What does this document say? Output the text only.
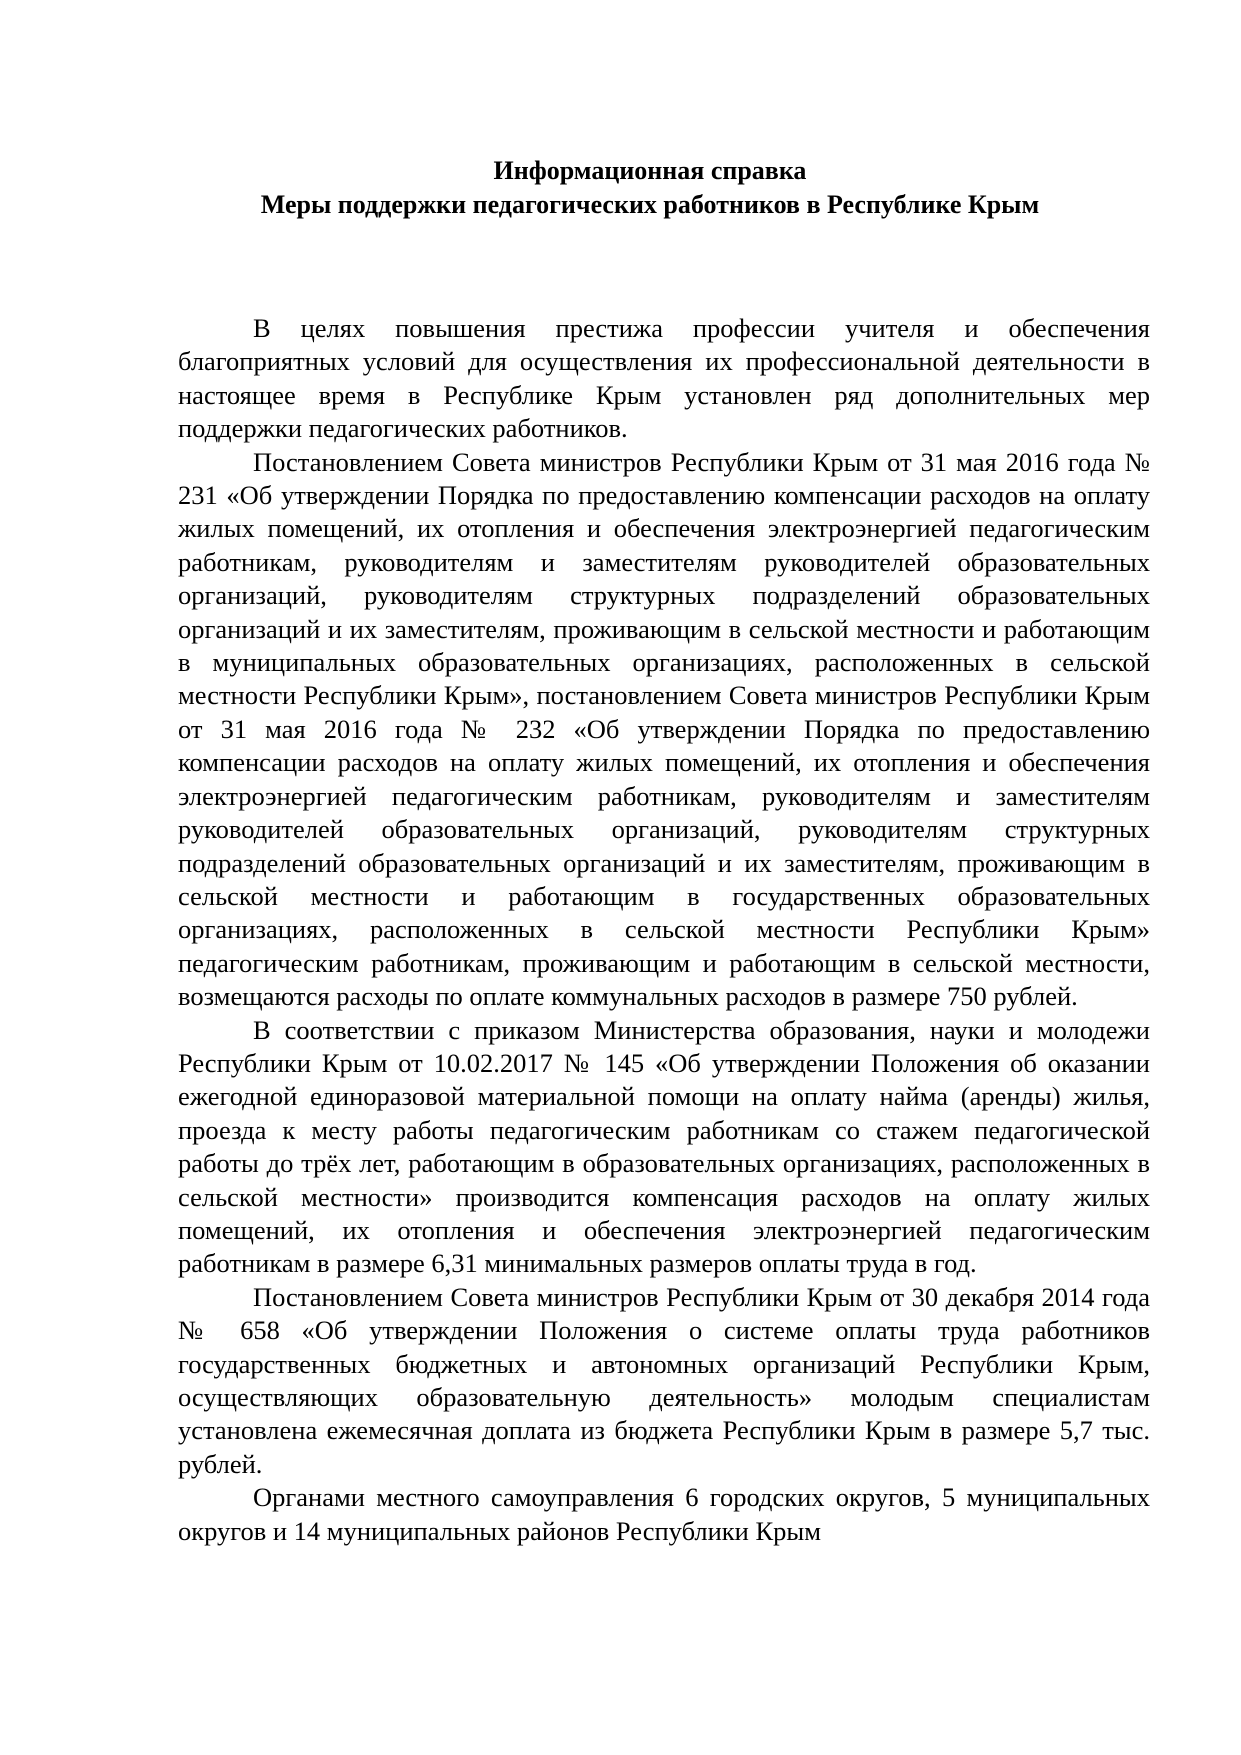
Информационная справка
Меры поддержки педагогических работников в Республике Крым

В целях повышения престижа профессии учителя и обеспечения благоприятных условий для осуществления их профессиональной деятельности в настоящее время в Республике Крым установлен ряд дополнительных мер поддержки педагогических работников.

Постановлением Совета министров Республики Крым от 31 мая 2016 года № 231 «Об утверждении Порядка по предоставлению компенсации расходов на оплату жилых помещений, их отопления и обеспечения электроэнергией педагогическим работникам, руководителям и заместителям руководителей образовательных организаций, руководителям структурных подразделений образовательных организаций и их заместителям, проживающим в сельской местности и работающим в муниципальных образовательных организациях, расположенных в сельской местности Республики Крым», постановлением Совета министров Республики Крым от 31 мая 2016 года № 232 «Об утверждении Порядка по предоставлению компенсации расходов на оплату жилых помещений, их отопления и обеспечения электроэнергией педагогическим работникам, руководителям и заместителям руководителей образовательных организаций, руководителям структурных подразделений образовательных организаций и их заместителям, проживающим в сельской местности и работающим в государственных образовательных организациях, расположенных в сельской местности Республики Крым» педагогическим работникам, проживающим и работающим в сельской местности, возмещаются расходы по оплате коммунальных расходов в размере 750 рублей.

В соответствии с приказом Министерства образования, науки и молодежи Республики Крым от 10.02.2017 № 145 «Об утверждении Положения об оказании ежегодной единоразовой материальной помощи на оплату найма (аренды) жилья, проезда к месту работы педагогическим работникам со стажем педагогической работы до трёх лет, работающим в образовательных организациях, расположенных в сельской местности» производится компенсация расходов на оплату жилых помещений, их отопления и обеспечения электроэнергией педагогическим работникам в размере 6,31 минимальных размеров оплаты труда в год.

Постановлением Совета министров Республики Крым от 30 декабря 2014 года № 658 «Об утверждении Положения о системе оплаты труда работников государственных бюджетных и автономных организаций Республики Крым, осуществляющих образовательную деятельность» молодым специалистам установлена ежемесячная доплата из бюджета Республики Крым в размере 5,7 тыс. рублей.

Органами местного самоуправления 6 городских округов, 5 муниципальных округов и 14 муниципальных районов Республики Крым
